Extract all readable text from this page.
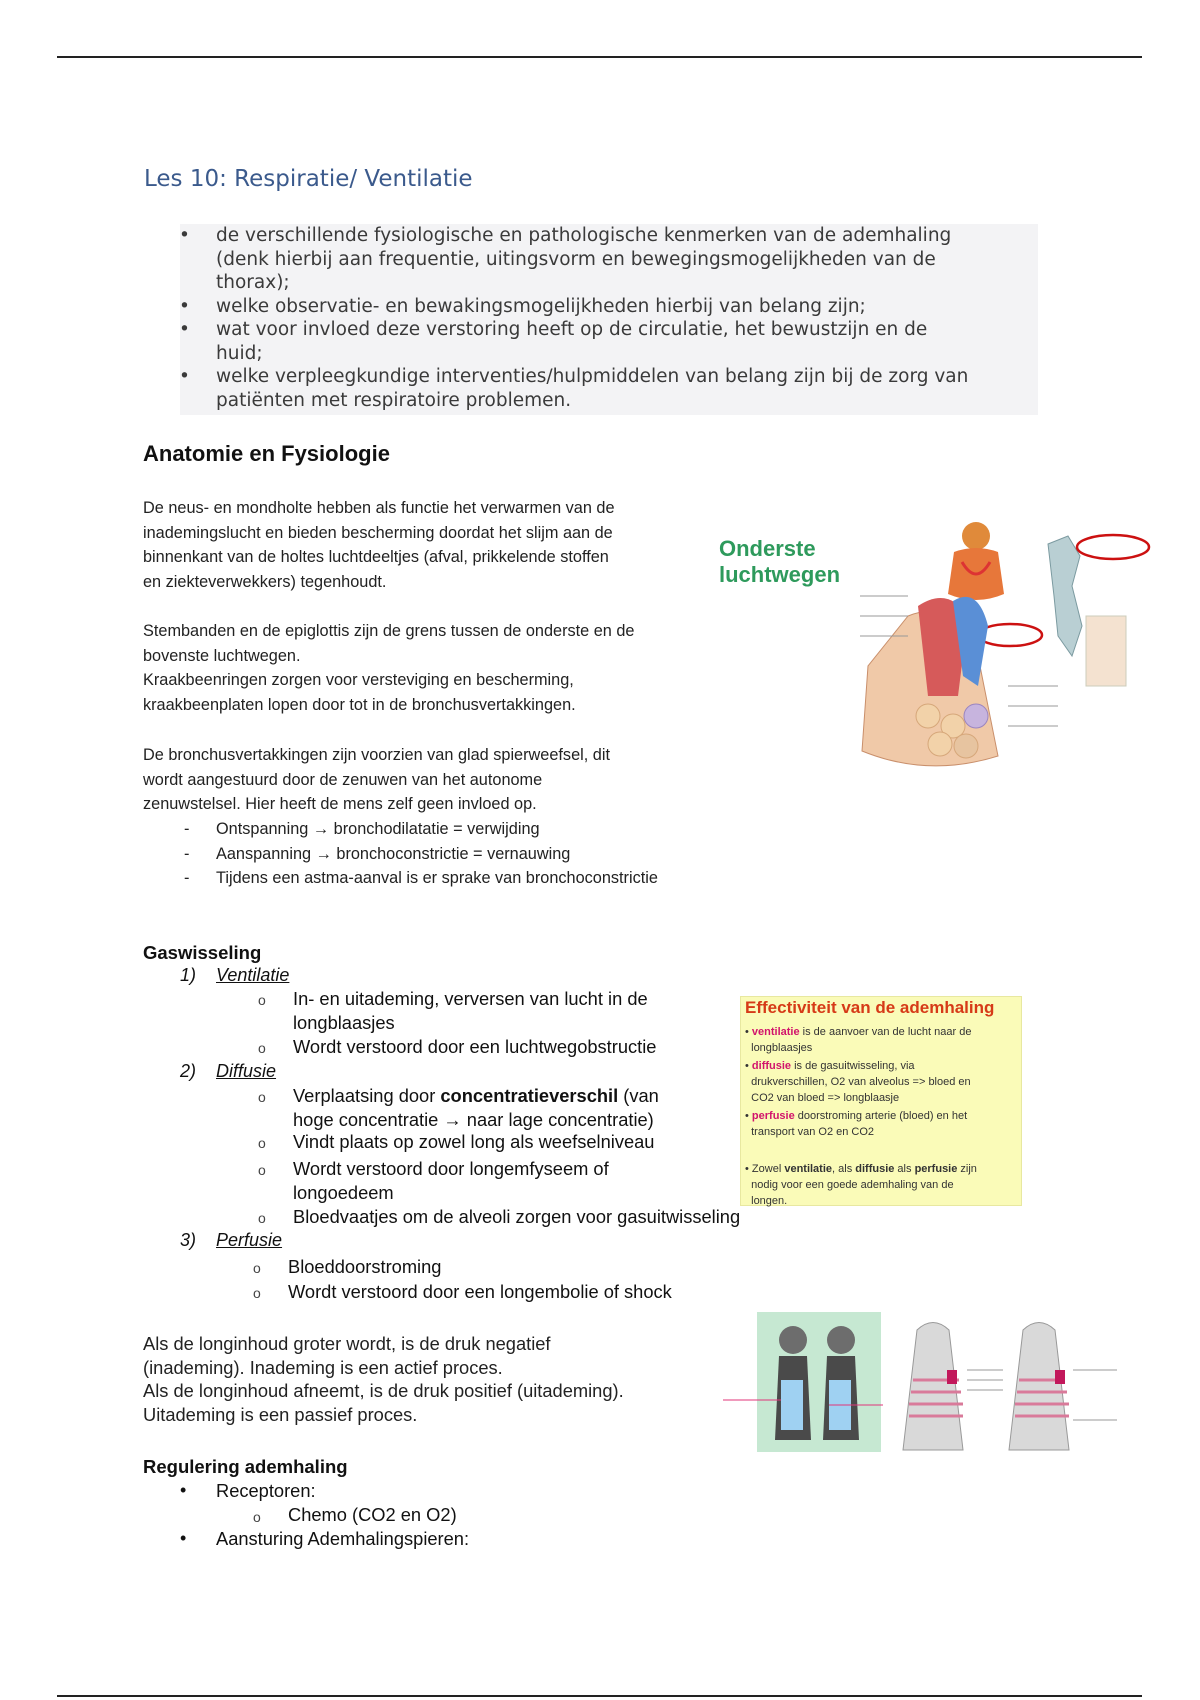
Les 10: Respiratie/ Ventilatie
• de verschillende fysiologische en pathologische kenmerken van de ademhaling
(denk hierbij aan frequentie, uitingsvorm en bewegingsmogelijkheden van de
thorax);
• welke observatie- en bewakingsmogelijkheden hierbij van belang zijn;
• wat voor invloed deze verstoring heeft op de circulatie, het bewustzijn en de
huid;
• welke verpleegkundige interventies/hulpmiddelen van belang zijn bij de zorg van
patiënten met respiratoire problemen.
Anatomie en Fysiologie
De neus- en mondholte hebben als functie het verwarmen van de
inademingslucht en bieden bescherming doordat het slijm aan de
binnenkant van de holtes luchtdeeltjes (afval, prikkelende stoffen
en ziekteverwekkers) tegenhoudt.
Stembanden en de epiglottis zijn de grens tussen de onderste en de
bovenste luchtwegen.
Kraakbeenringen zorgen voor versteviging en bescherming,
kraakbeenplaten lopen door tot in de bronchusvertakkingen.
De bronchusvertakkingen zijn voorzien van glad spierweefsel, dit
wordt aangestuurd door de zenuwen van het autonome
zenuwstelsel. Hier heeft de mens zelf geen invloed op.
- Ontspanning → bronchodilatatie = verwijding
- Aanspanning → bronchoconstrictie = vernauwing
- Tijdens een astma-aanval is er sprake van bronchoconstrictie
Onderste
luchtwegen
Gaswisseling
1) Ventilatie
o In- en uitademing, verversen van lucht in de
longblaasjes
o Wordt verstoord door een luchtwegobstructie
2) Diffusie
o Verplaatsing door concentratieverschil (van
hoge concentratie → naar lage concentratie)
o Vindt plaats op zowel long als weefselniveau
o Wordt verstoord door longemfyseem of
longoedeem
o Bloedvaatjes om de alveoli zorgen voor gasuitwisseling
3) Perfusie
o Bloeddoorstroming
o Wordt verstoord door een longembolie of shock
Effectiviteit van de ademhaling
• ventilatie is de aanvoer van de lucht naar de
longblaasjes
• diffusie is de gasuitwisseling, via
drukverschillen, O2 van alveolus => bloed en
CO2 van bloed => longblaasje
• perfusie doorstroming arterie (bloed) en het
transport van O2 en CO2
• Zowel ventilatie, als diffusie als perfusie zijn
nodig voor een goede ademhaling van de
longen.
Als de longinhoud groter wordt, is de druk negatief
(inademing). Inademing is een actief proces.
Als de longinhoud afneemt, is de druk positief (uitademing).
Uitademing is een passief proces.
Regulering ademhaling
• Receptoren:
o Chemo (CO2 en O2)
• Aansturing Ademhalingspieren:
